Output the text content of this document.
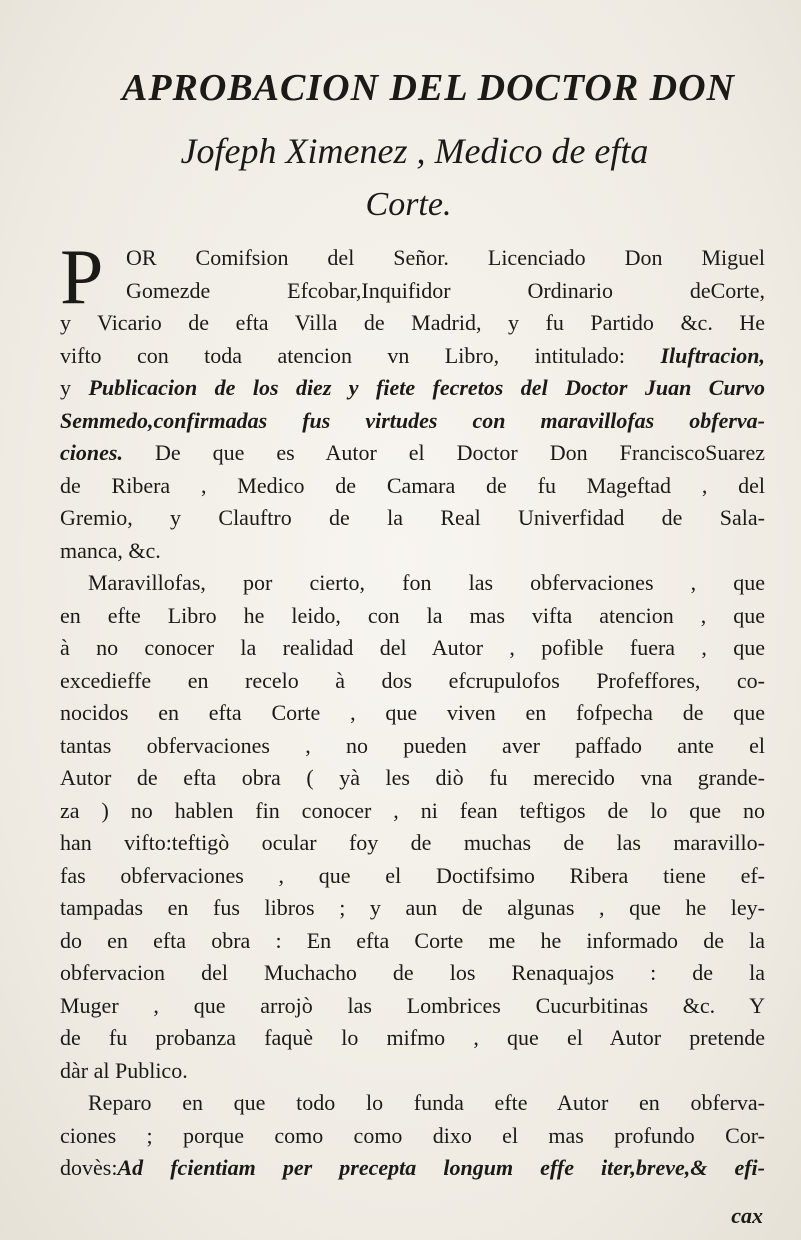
APROBACION DEL DOCTOR DON
Jofeph Ximenez , Medico de efta
Corte.
P	OR Comifsion del Señor. Licenciado Don Miguel
Gomezde Efcobar,Inquifidor Ordinario deCorte,
y Vicario de efta Villa de Madrid, y fu Partido &c. He
vifto con toda atencion vn Libro, intitulado: Iluftracion,
y Publicacion de los diez y fiete fecretos del Doctor Juan Curvo
Semmedo,confirmadas fus virtudes con maravillofas obferva-
ciones. De que es Autor el Doctor Don FranciscoSuarez
de Ribera , Medico de Camara de fu Mageftad , del
Gremio, y Clauftro de la Real Univerfidad de Sala-
manca, &c.
Maravillofas, por cierto, fon las obfervaciones , que
en efte Libro he leido, con la mas vifta atencion , que
à no conocer la realidad del Autor , pofible fuera , que
excedieffe en recelo à dos efcrupulofos Profeffores, co-
nocidos en efta Corte , que viven en fofpecha de que
tantas obfervaciones , no pueden aver paffado ante el
Autor de efta obra ( yà les diò fu merecido vna grande-
za ) no hablen fin conocer , ni fean teftigos de lo que no
han vifto:teftigò ocular foy de muchas de las maravillo-
fas obfervaciones , que el Doctifsimo Ribera tiene ef-
tampadas en fus libros ; y aun de algunas , que he ley-
do en efta obra : En efta Corte me he informado de la
obfervacion del Muchacho de los Renaquajos : de la
Muger , que arrojò las Lombrices Cucurbitinas &c. Y
de fu probanza faquè lo mifmo , que el Autor pretende
dàr al Publico.
Reparo en que todo lo funda efte Autor en obferva-
ciones ; porque como como dixo el mas profundo Cor-
dovès:Ad fcientiam per precepta longum effe iter,breve,& efi-
cax
